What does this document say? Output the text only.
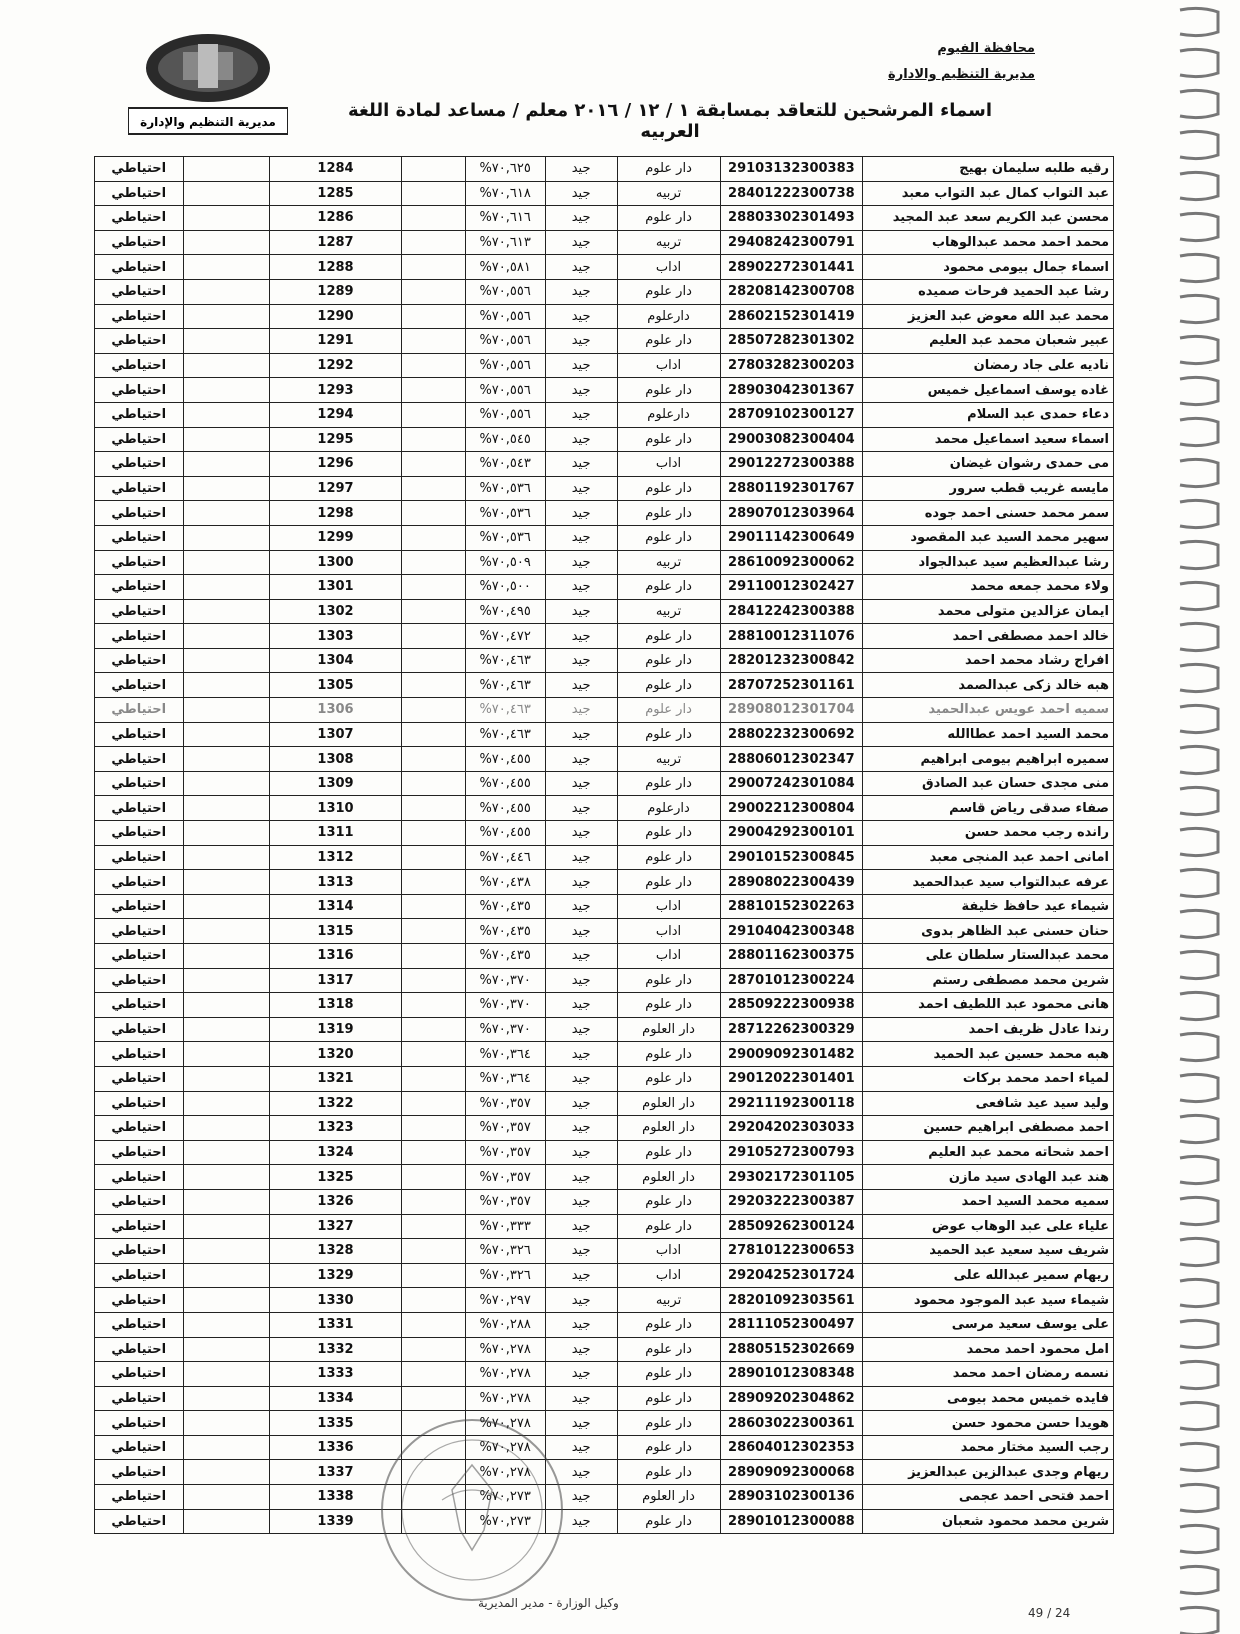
محافظة الفيوم
مديرية التنظيم والادارة
مديرية التنظيم والإدارة
اسماء المرشحين للتعاقد بمسابقة ١ / ١٢ / ٢٠١٦ معلم / مساعد لمادة اللغة العربيه
رقيه طلبه سليمان بهيج	29103132300383	دار علوم	جيد	%٧٠,٦٢٥		1284		احتياطي
عبد التواب كمال عبد التواب معبد	28401222300738	تربيه	جيد	%٧٠,٦١٨		1285		احتياطي
محسن عبد الكريم سعد عبد المجيد	28803302301493	دار علوم	جيد	%٧٠,٦١٦		1286		احتياطي
محمد احمد محمد عبدالوهاب	29408242300791	تربيه	جيد	%٧٠,٦١٣		1287		احتياطي
اسماء جمال بيومى محمود	28902272301441	اداب	جيد	%٧٠,٥٨١		1288		احتياطي
رشا عبد الحميد فرحات صميده	28208142300708	دار علوم	جيد	%٧٠,٥٥٦		1289		احتياطي
محمد عبد الله معوض عبد العزيز	28602152301419	دارعلوم	جيد	%٧٠,٥٥٦		1290		احتياطي
عبير شعبان محمد عبد العليم	28507282301302	دار علوم	جيد	%٧٠,٥٥٦		1291		احتياطي
ناديه على جاد رمضان	27803282300203	اداب	جيد	%٧٠,٥٥٦		1292		احتياطي
غاده يوسف اسماعيل خميس	28903042301367	دار علوم	جيد	%٧٠,٥٥٦		1293		احتياطي
دعاء حمدى عبد السلام	28709102300127	دارعلوم	جيد	%٧٠,٥٥٦		1294		احتياطي
اسماء سعيد اسماعيل محمد	29003082300404	دار علوم	جيد	%٧٠,٥٤٥		1295		احتياطي
مى حمدى رشوان غيضان	29012272300388	اداب	جيد	%٧٠,٥٤٣		1296		احتياطي
مايسه غريب قطب سرور	28801192301767	دار علوم	جيد	%٧٠,٥٣٦		1297		احتياطي
سمر محمد حسنى احمد جوده	28907012303964	دار علوم	جيد	%٧٠,٥٣٦		1298		احتياطي
سهير محمد السيد عبد المقصود	29011142300649	دار علوم	جيد	%٧٠,٥٣٦		1299		احتياطي
رشا عبدالعظيم سيد عبدالجواد	28610092300062	تربيه	جيد	%٧٠,٥٠٩		1300		احتياطي
ولاء محمد جمعه محمد	29110012302427	دار علوم	جيد	%٧٠,٥٠٠		1301		احتياطي
ايمان عزالدين متولى محمد	28412242300388	تربيه	جيد	%٧٠,٤٩٥		1302		احتياطي
خالد احمد مصطفى احمد	28810012311076	دار علوم	جيد	%٧٠,٤٧٢		1303		احتياطي
افراج رشاد محمد احمد	28201232300842	دار علوم	جيد	%٧٠,٤٦٣		1304		احتياطي
هبه خالد زكى عبدالصمد	28707252301161	دار علوم	جيد	%٧٠,٤٦٣		1305		احتياطي
سميه احمد عويس عبدالحميد	28908012301704	دار علوم	جيد	%٧٠,٤٦٣		1306		احتياطي
محمد السيد احمد عطاالله	28802232300692	دار علوم	جيد	%٧٠,٤٦٣		1307		احتياطي
سميره ابراهيم بيومى ابراهيم	28806012302347	تربيه	جيد	%٧٠,٤٥٥		1308		احتياطي
منى مجدى حسان عبد الصادق	29007242301084	دار علوم	جيد	%٧٠,٤٥٥		1309		احتياطي
صفاء صدقى رياض قاسم	29002212300804	دارعلوم	جيد	%٧٠,٤٥٥		1310		احتياطي
رانده رجب محمد حسن	29004292300101	دار علوم	جيد	%٧٠,٤٥٥		1311		احتياطي
امانى احمد عبد المنجى معبد	29010152300845	دار علوم	جيد	%٧٠,٤٤٦		1312		احتياطي
عرفه عبدالتواب سيد عبدالحميد	28908022300439	دار علوم	جيد	%٧٠,٤٣٨		1313		احتياطي
شيماء عيد حافظ خليفة	28810152302263	اداب	جيد	%٧٠,٤٣٥		1314		احتياطي
حنان حسنى عبد الظاهر بدوى	29104042300348	اداب	جيد	%٧٠,٤٣٥		1315		احتياطي
محمد عبدالستار سلطان على	28801162300375	اداب	جيد	%٧٠,٤٣٥		1316		احتياطي
شرين محمد مصطفى رستم	28701012300224	دار علوم	جيد	%٧٠,٣٧٠		1317		احتياطي
هانى محمود عبد اللطيف احمد	28509222300938	دار علوم	جيد	%٧٠,٣٧٠		1318		احتياطي
رندا عادل ظريف احمد	28712262300329	دار العلوم	جيد	%٧٠,٣٧٠		1319		احتياطي
هبه محمد حسين عبد الحميد	29009092301482	دار علوم	جيد	%٧٠,٣٦٤		1320		احتياطي
لمياء احمد محمد بركات	29012022301401	دار علوم	جيد	%٧٠,٣٦٤		1321		احتياطي
وليد سيد عيد شافعى	29211192300118	دار العلوم	جيد	%٧٠,٣٥٧		1322		احتياطي
احمد مصطفى ابراهيم حسين	29204202303033	دار العلوم	جيد	%٧٠,٣٥٧		1323		احتياطي
احمد شحاته محمد عبد العليم	29105272300793	دار علوم	جيد	%٧٠,٣٥٧		1324		احتياطي
هند عبد الهادى سيد مازن	29302172301105	دار العلوم	جيد	%٧٠,٣٥٧		1325		احتياطي
سميه محمد السيد احمد	29203222300387	دار علوم	جيد	%٧٠,٣٥٧		1326		احتياطي
علياء على عبد الوهاب عوض	28509262300124	دار علوم	جيد	%٧٠,٣٣٣		1327		احتياطي
شريف سيد سعيد عبد الحميد	27810122300653	اداب	جيد	%٧٠,٣٢٦		1328		احتياطي
ريهام سمير عبدالله على	29204252301724	اداب	جيد	%٧٠,٣٢٦		1329		احتياطي
شيماء سيد عبد الموجود محمود	28201092303561	تربيه	جيد	%٧٠,٢٩٧		1330		احتياطي
على يوسف سعيد مرسى	28111052300497	دار علوم	جيد	%٧٠,٢٨٨		1331		احتياطي
امل محمود احمد محمد	28805152302669	دار علوم	جيد	%٧٠,٢٧٨		1332		احتياطي
نسمه رمضان احمد محمد	28901012308348	دار علوم	جيد	%٧٠,٢٧٨		1333		احتياطي
فايده خميس محمد بيومى	28909202304862	دار علوم	جيد	%٧٠,٢٧٨		1334		احتياطي
هويدا حسن محمود حسن	28603022300361	دار علوم	جيد	%٧٠,٢٧٨		1335		احتياطي
رجب السيد مختار محمد	28604012302353	دار علوم	جيد	%٧٠,٢٧٨		1336		احتياطي
ريهام وجدى عبدالزين عبدالعزيز	28909092300068	دار علوم	جيد	%٧٠,٢٧٨		1337		احتياطي
احمد فتحى احمد عجمى	28903102300136	دار العلوم	جيد	%٧٠,٢٧٣		1338		احتياطي
شرين محمد محمود شعبان	28901012300088	دار علوم	جيد	%٧٠,٢٧٣		1339		احتياطي
وكيل الوزارة - مدير المديرية
49 / 24
